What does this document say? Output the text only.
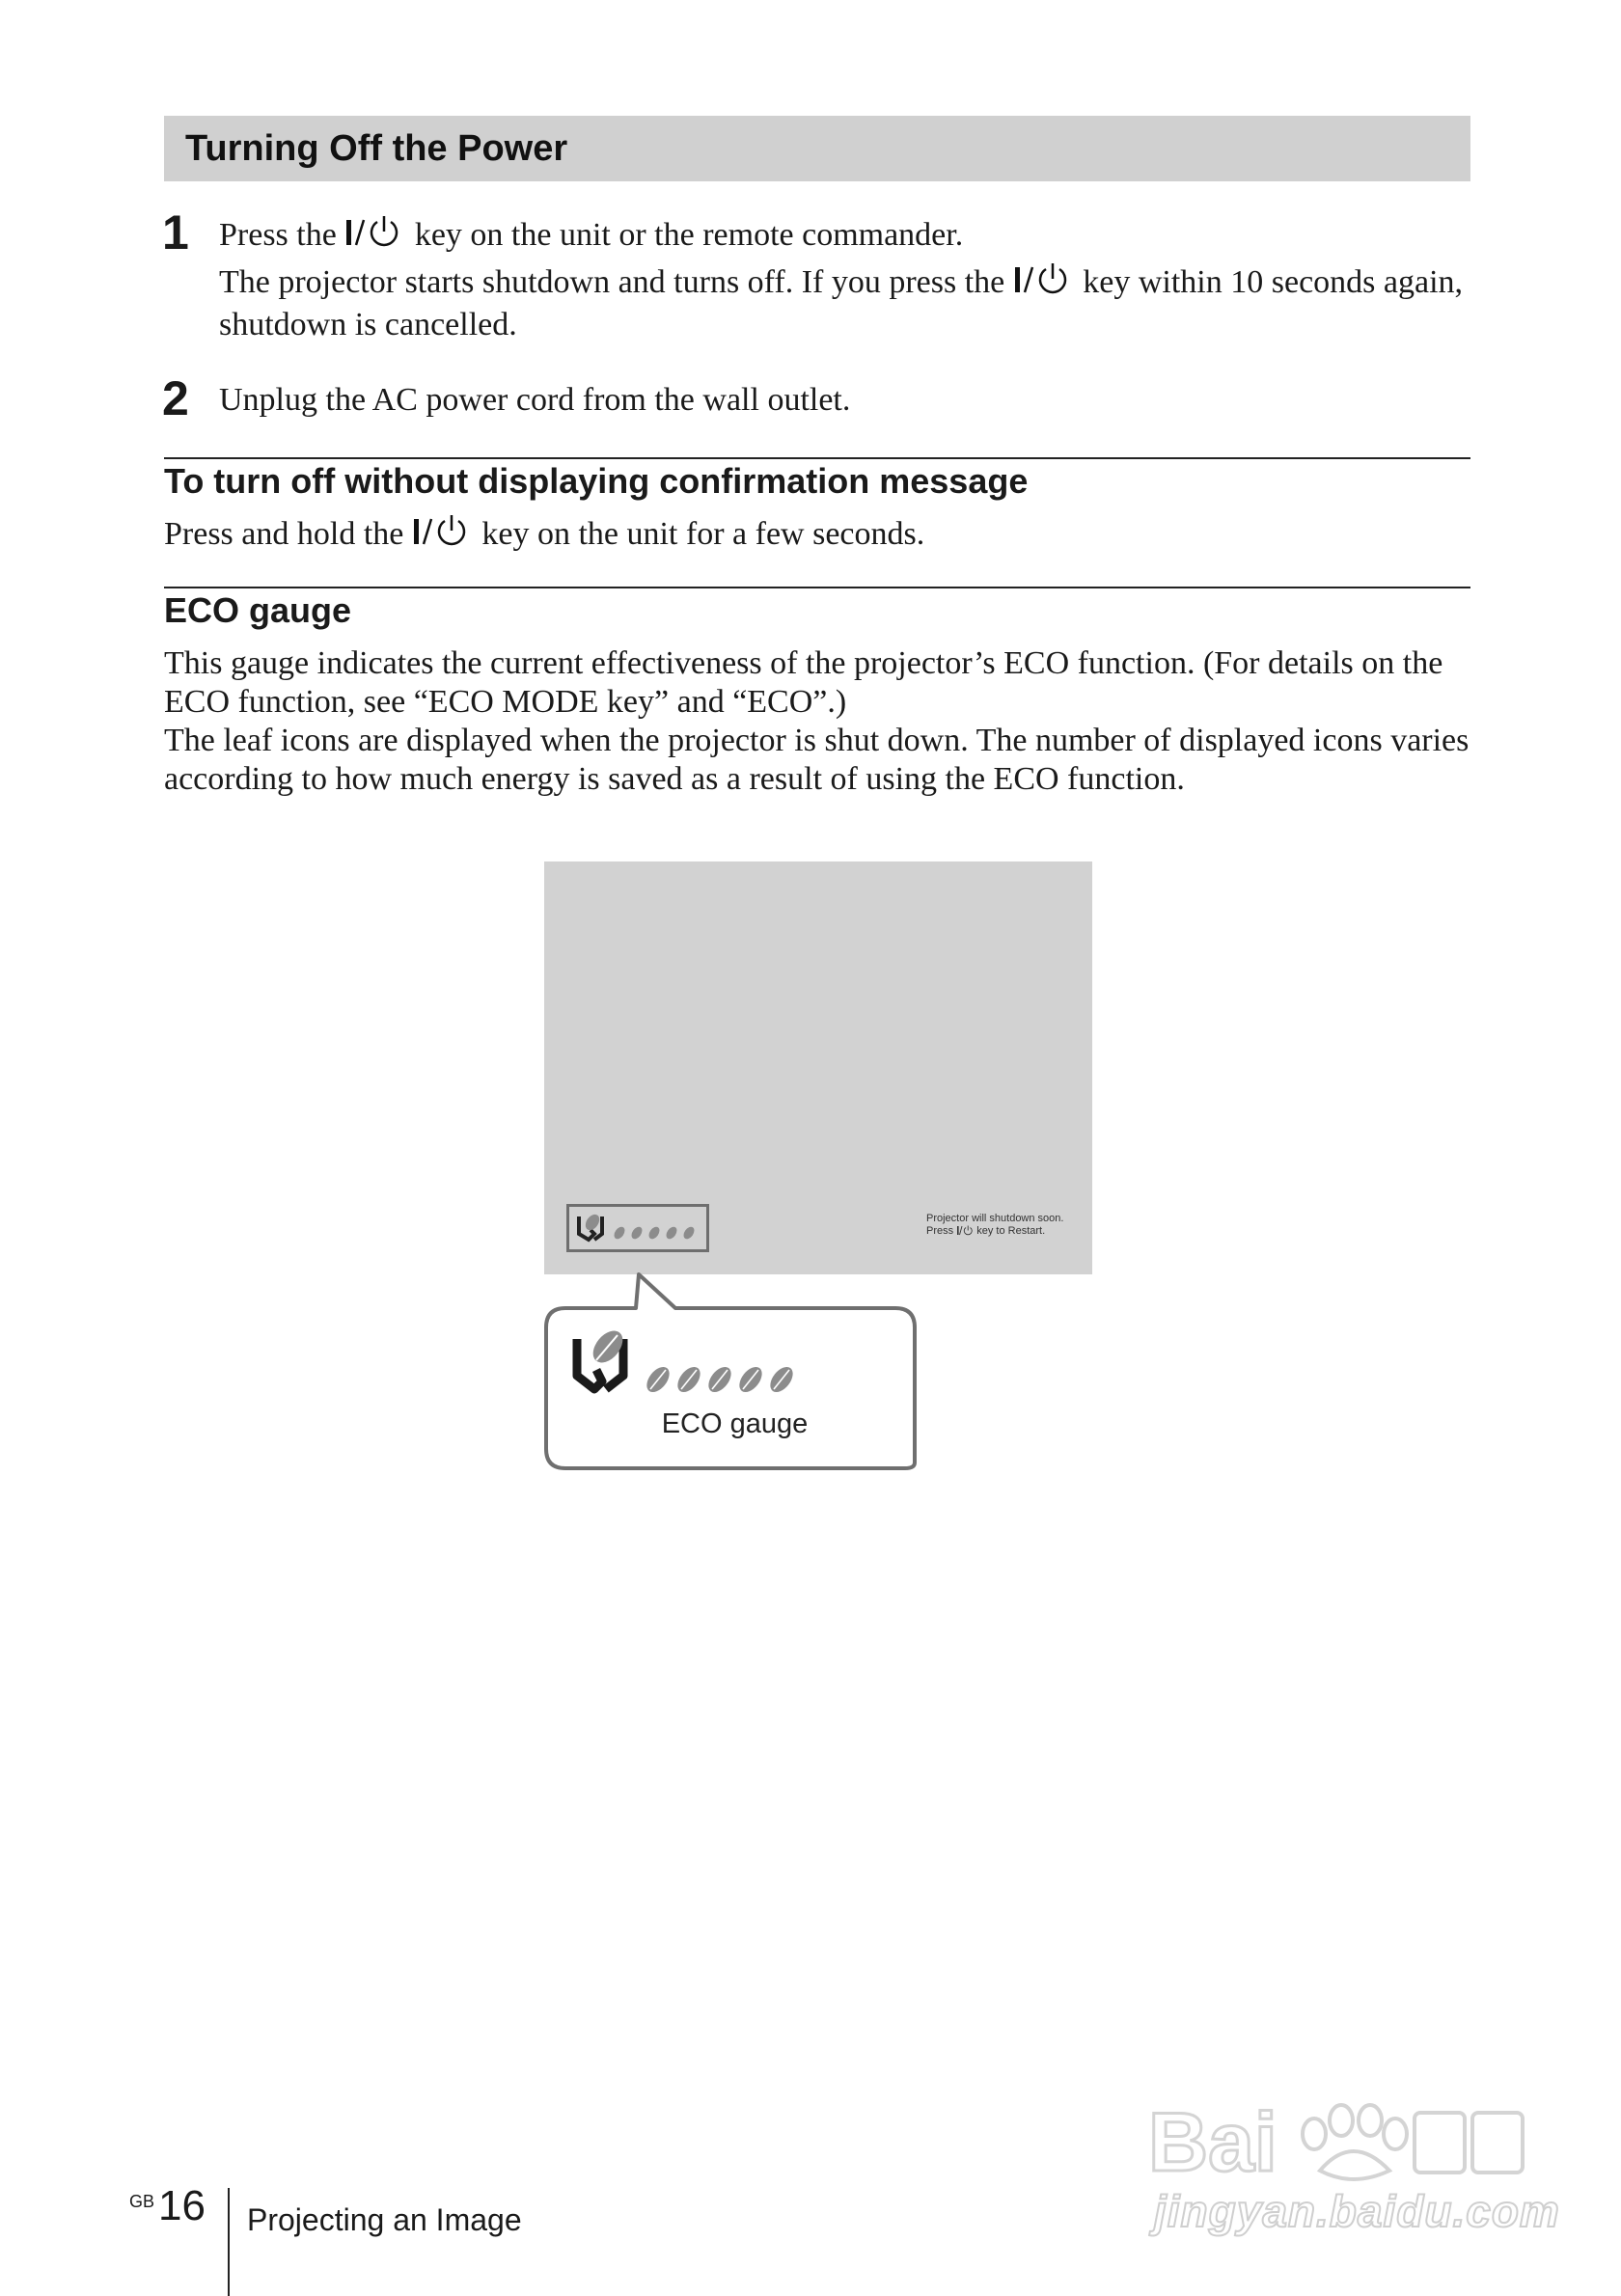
Turning Off the Power
1 Press the  key on the unit or the remote commander.
The projector starts shutdown and turns off. If you press the  key within 10 seconds again, shutdown is cancelled.
2 Unplug the AC power cord from the wall outlet.
To turn off without displaying confirmation message
Press and hold the  key on the unit for a few seconds.
ECO gauge
This gauge indicates the current effectiveness of the projector’s ECO function. (For details on the ECO function, see “ECO MODE key” and “ECO”.)
The leaf icons are displayed when the projector is shut down. The number of displayed icons varies according to how much energy is saved as a result of using the ECO function.
Projector will shutdown soon.
Press  key to Restart.
ECO gauge
GB 16 Projecting an Image
Bai
jingyan.baidu.com
